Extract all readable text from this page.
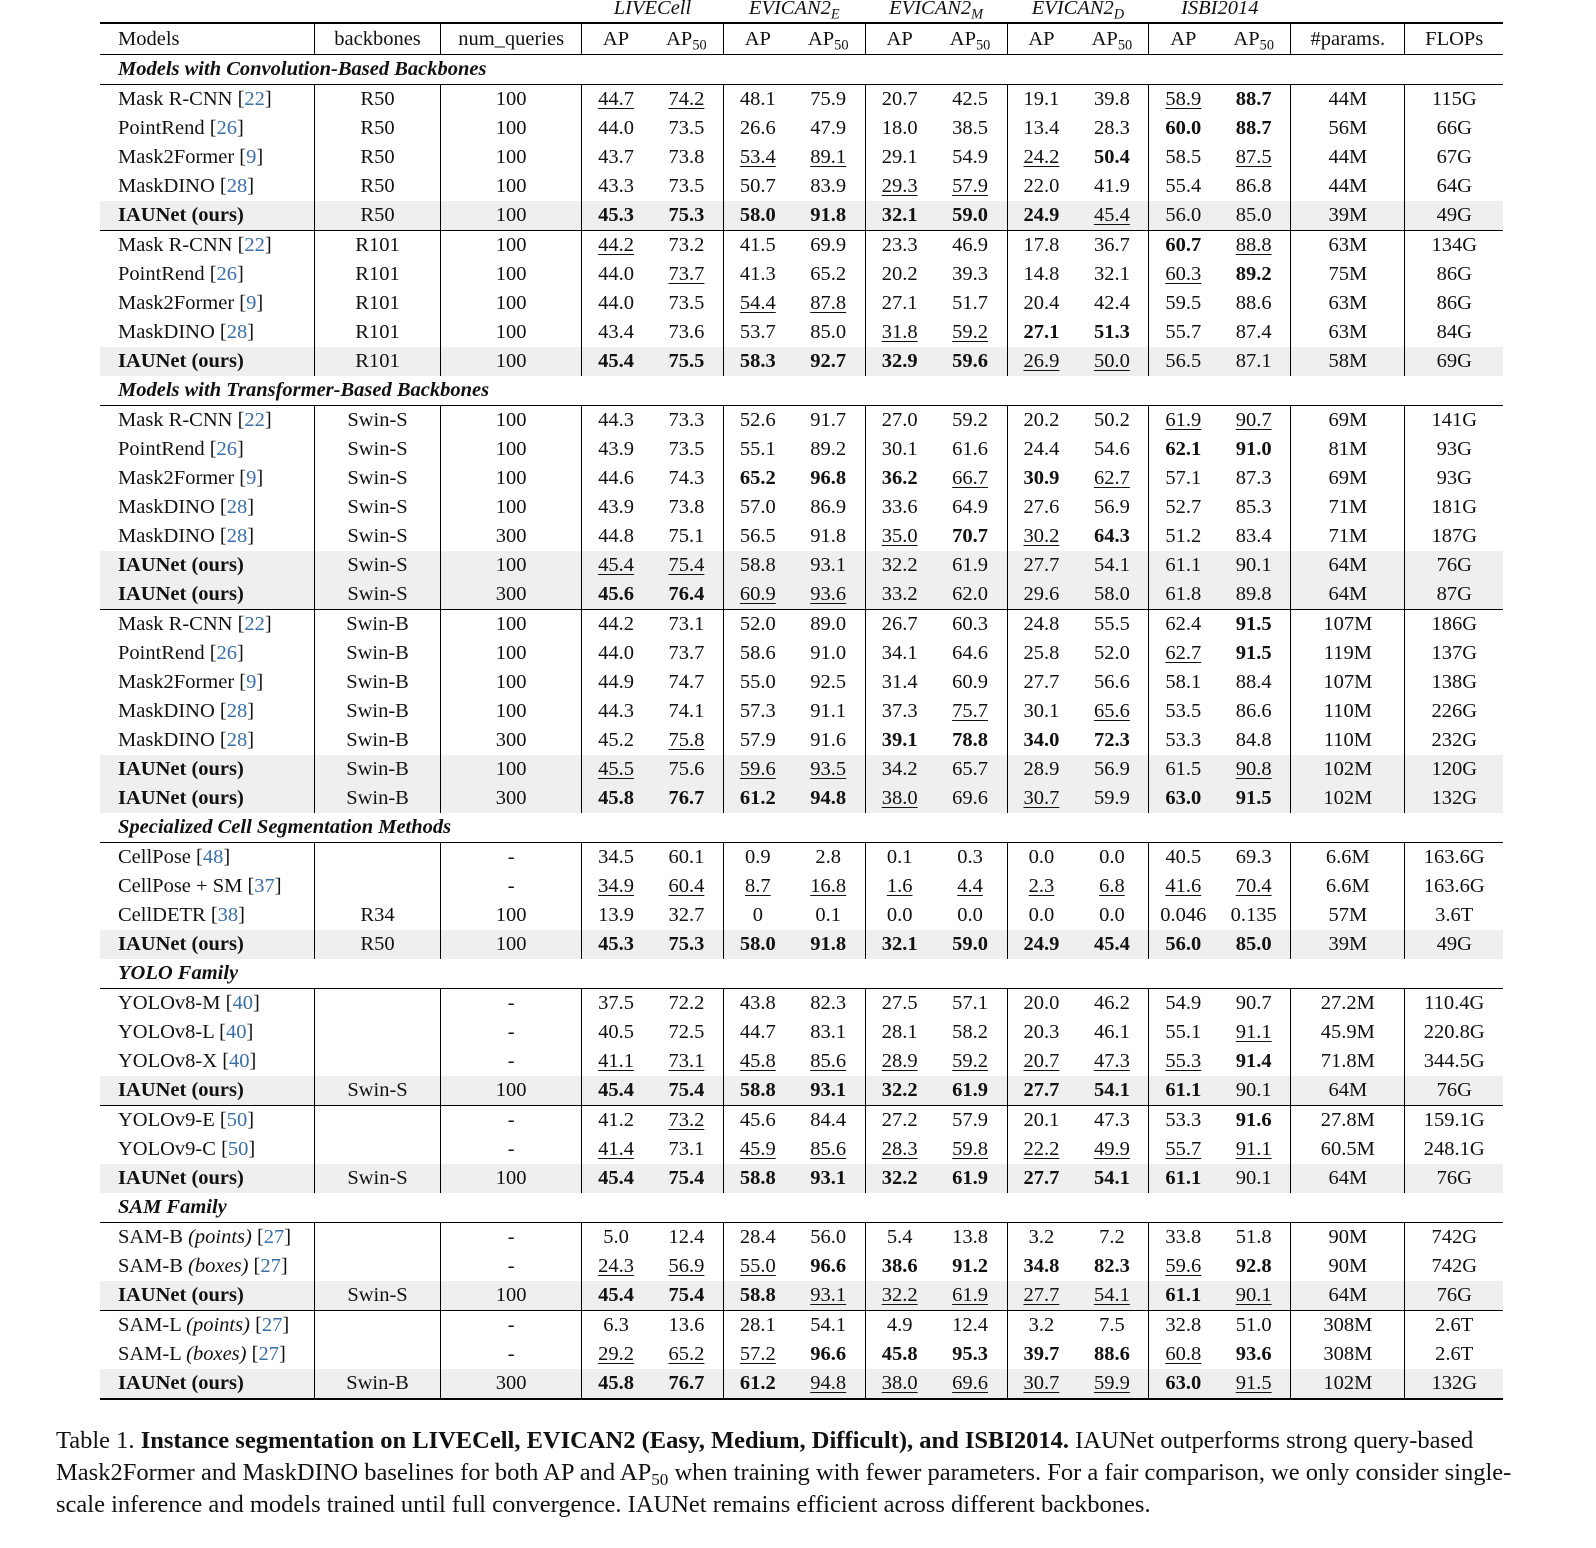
			LIVECell		$EVICAN2_E$		$EVICAN2_M$		$EVICAN2_D$		ISBI2014			
Models	backbones	num_queries	AP	$AP_{50}$	AP	$AP_{50}$	AP	$AP_{50}$	AP	$AP_{50}$	AP	$AP_{50}$	#params.	FLOPs
Models with Convolution-Based Backbones														
Mask R-CNN [22]	R50	100	44.7	74.2	48.1	75.9	20.7	42.5	19.1	39.8	58.9	88.7	44M	115G
PointRend [26]	R50	100	44.0	73.5	26.6	47.9	18.0	38.5	13.4	28.3	60.0	88.7	56M	66G
Mask2Former [9]	R50	100	43.7	73.8	53.4	89.1	29.1	54.9	24.2	50.4	58.5	87.5	44M	67G
MaskDINO [28]	R50	100	43.3	73.5	50.7	83.9	29.3	57.9	22.0	41.9	55.4	86.8	44M	64G
IAUNet (ours)	R50	100	45.3	75.3	58.0	91.8	32.1	59.0	24.9	45.4	56.0	85.0	39M	49G
Mask R-CNN [22]	R101	100	44.2	73.2	41.5	69.9	23.3	46.9	17.8	36.7	60.7	88.8	63M	134G
PointRend [26]	R101	100	44.0	73.7	41.3	65.2	20.2	39.3	14.8	32.1	60.3	89.2	75M	86G
Mask2Former [9]	R101	100	44.0	73.5	54.4	87.8	27.1	51.7	20.4	42.4	59.5	88.6	63M	86G
MaskDINO [28]	R101	100	43.4	73.6	53.7	85.0	31.8	59.2	27.1	51.3	55.7	87.4	63M	84G
IAUNet (ours)	R101	100	45.4	75.5	58.3	92.7	32.9	59.6	26.9	50.0	56.5	87.1	58M	69G
Models with Transformer-Based Backbones														
Mask R-CNN [22]	Swin-S	100	44.3	73.3	52.6	91.7	27.0	59.2	20.2	50.2	61.9	90.7	69M	141G
PointRend [26]	Swin-S	100	43.9	73.5	55.1	89.2	30.1	61.6	24.4	54.6	62.1	91.0	81M	93G
Mask2Former [9]	Swin-S	100	44.6	74.3	65.2	96.8	36.2	66.7	30.9	62.7	57.1	87.3	69M	93G
MaskDINO [28]	Swin-S	100	43.9	73.8	57.0	86.9	33.6	64.9	27.6	56.9	52.7	85.3	71M	181G
MaskDINO [28]	Swin-S	300	44.8	75.1	56.5	91.8	35.0	70.7	30.2	64.3	51.2	83.4	71M	187G
IAUNet (ours)	Swin-S	100	45.4	75.4	58.8	93.1	32.2	61.9	27.7	54.1	61.1	90.1	64M	76G
IAUNet (ours)	Swin-S	300	45.6	76.4	60.9	93.6	33.2	62.0	29.6	58.0	61.8	89.8	64M	87G
Mask R-CNN [22]	Swin-B	100	44.2	73.1	52.0	89.0	26.7	60.3	24.8	55.5	62.4	91.5	107M	186G
PointRend [26]	Swin-B	100	44.0	73.7	58.6	91.0	34.1	64.6	25.8	52.0	62.7	91.5	119M	137G
Mask2Former [9]	Swin-B	100	44.9	74.7	55.0	92.5	31.4	60.9	27.7	56.6	58.1	88.4	107M	138G
MaskDINO [28]	Swin-B	100	44.3	74.1	57.3	91.1	37.3	75.7	30.1	65.6	53.5	86.6	110M	226G
MaskDINO [28]	Swin-B	300	45.2	75.8	57.9	91.6	39.1	78.8	34.0	72.3	53.3	84.8	110M	232G
IAUNet (ours)	Swin-B	100	45.5	75.6	59.6	93.5	34.2	65.7	28.9	56.9	61.5	90.8	102M	120G
IAUNet (ours)	Swin-B	300	45.8	76.7	61.2	94.8	38.0	69.6	30.7	59.9	63.0	91.5	102M	132G
Specialized Cell Segmentation Methods														
CellPose [48]		-	34.5	60.1	0.9	2.8	0.1	0.3	0.0	0.0	40.5	69.3	6.6M	163.6G
CellPose + SM [37]		-	34.9	60.4	8.7	16.8	1.6	4.4	2.3	6.8	41.6	70.4	6.6M	163.6G
CellDETR [38]	R34	100	13.9	32.7	0	0.1	0.0	0.0	0.0	0.0	0.046	0.135	57M	3.6T
IAUNet (ours)	R50	100	45.3	75.3	58.0	91.8	32.1	59.0	24.9	45.4	56.0	85.0	39M	49G
YOLO Family														
YOLOv8-M [40]		-	37.5	72.2	43.8	82.3	27.5	57.1	20.0	46.2	54.9	90.7	27.2M	110.4G
YOLOv8-L [40]		-	40.5	72.5	44.7	83.1	28.1	58.2	20.3	46.1	55.1	91.1	45.9M	220.8G
YOLOv8-X [40]		-	41.1	73.1	45.8	85.6	28.9	59.2	20.7	47.3	55.3	91.4	71.8M	344.5G
IAUNet (ours)	Swin-S	100	45.4	75.4	58.8	93.1	32.2	61.9	27.7	54.1	61.1	90.1	64M	76G
YOLOv9-E [50]		-	41.2	73.2	45.6	84.4	27.2	57.9	20.1	47.3	53.3	91.6	27.8M	159.1G
YOLOv9-C [50]		-	41.4	73.1	45.9	85.6	28.3	59.8	22.2	49.9	55.7	91.1	60.5M	248.1G
IAUNet (ours)	Swin-S	100	45.4	75.4	58.8	93.1	32.2	61.9	27.7	54.1	61.1	90.1	64M	76G
SAM Family														
SAM-B (points) [27]		-	5.0	12.4	28.4	56.0	5.4	13.8	3.2	7.2	33.8	51.8	90M	742G
SAM-B (boxes) [27]		-	24.3	56.9	55.0	96.6	38.6	91.2	34.8	82.3	59.6	92.8	90M	742G
IAUNet (ours)	Swin-S	100	45.4	75.4	58.8	93.1	32.2	61.9	27.7	54.1	61.1	90.1	64M	76G
SAM-L (points) [27]		-	6.3	13.6	28.1	54.1	4.9	12.4	3.2	7.5	32.8	51.0	308M	2.6T
SAM-L (boxes) [27]		-	29.2	65.2	57.2	96.6	45.8	95.3	39.7	88.6	60.8	93.6	308M	2.6T
IAUNet (ours)	Swin-B	300	45.8	76.7	61.2	94.8	38.0	69.6	30.7	59.9	63.0	91.5	102M	132G
Table 1. Instance segmentation on LIVECell, EVICAN2 (Easy, Medium, Difficult), and ISBI2014. IAUNet outperforms strong query-based Mask2Former and MaskDINO baselines for both AP and $AP_{50}$ when training with fewer parameters. For a fair comparison, we only consider single-scale inference and models trained until full convergence. IAUNet remains efficient across different backbones.
